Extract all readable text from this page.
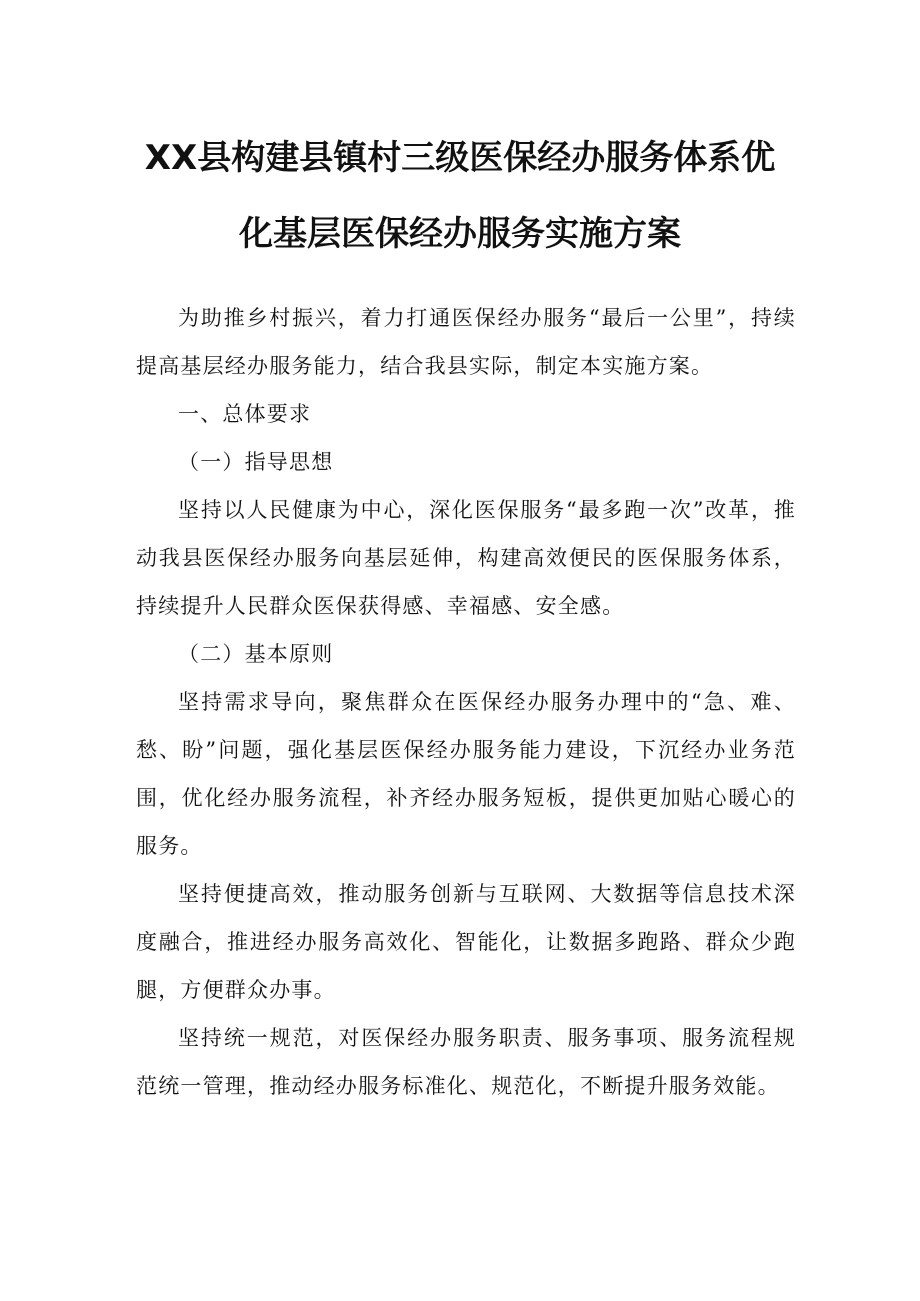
XX县构建县镇村三级医保经办服务体系优
化基层医保经办服务实施方案

为助推乡村振兴，着力打通医保经办服务“最后一公里”，持续提高基层经办服务能力，结合我县实际，制定本实施方案。

一、总体要求

（一）指导思想

坚持以人民健康为中心，深化医保服务“最多跑一次”改革，推动我县医保经办服务向基层延伸，构建高效便民的医保服务体系，持续提升人民群众医保获得感、幸福感、安全感。

（二）基本原则

坚持需求导向，聚焦群众在医保经办服务办理中的“急、难、愁、盼”问题，强化基层医保经办服务能力建设，下沉经办业务范围，优化经办服务流程，补齐经办服务短板，提供更加贴心暖心的服务。

坚持便捷高效，推动服务创新与互联网、大数据等信息技术深度融合，推进经办服务高效化、智能化，让数据多跑路、群众少跑腿，方便群众办事。

坚持统一规范，对医保经办服务职责、服务事项、服务流程规范统一管理，推动经办服务标准化、规范化，不断提升服务效能。
